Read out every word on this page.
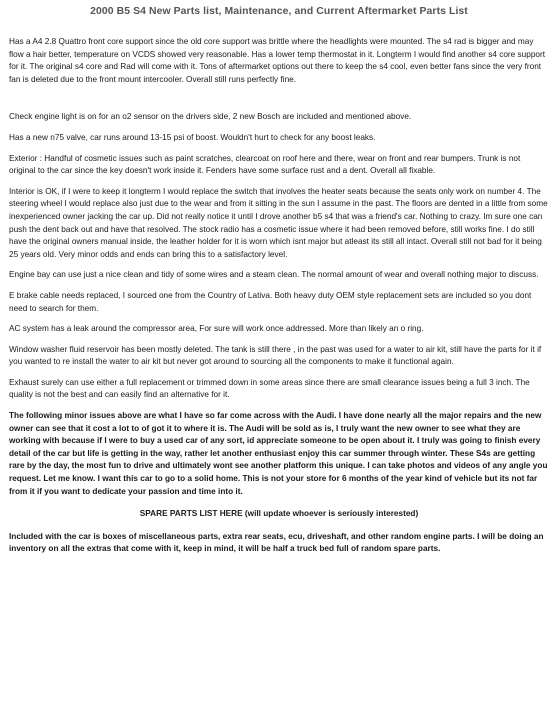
2000 B5 S4 New Parts list, Maintenance, and Current Aftermarket Parts List

Has a A4 2.8 Quattro front core support since the old core support was brittle where the headlights were mounted. The s4 rad is bigger and may flow a hair better, temperature on VCDS showed very reasonable. Has a lower temp thermostat in it. Longterm I would find another s4 core support for it. The original s4 core and Rad will come with it. Tons of aftermarket options out there to keep the s4 cool, even better fans since the very front fan is deleted due to the front mount intercooler. Overall still runs perfectly fine.

Check engine light is on for an o2 sensor on the drivers side, 2 new Bosch are included and mentioned above.

Has a new n75 valve, car runs around 13-15 psi of boost. Wouldn't hurt to check for any boost leaks.

Exterior : Handful of cosmetic issues such as paint scratches, clearcoat on roof here and there, wear on front and rear bumpers. Trunk is not original to the car since the key doesn't work inside it. Fenders have some surface rust and a dent. Overall all fixable.

Interior is OK, if I were to keep it longterm I would replace the switch that involves the heater seats because the seats only work on number 4. The steering wheel I would replace also just due to the wear and from it sitting in the sun I assume in the past. The floors are dented in a little from some inexperienced owner jacking the car up. Did not really notice it until I drove another b5 s4 that was a friend's car. Nothing to crazy. Im sure one can push the dent back out and have that resolved. The stock radio has a cosmetic issue where it had been removed before, still works fine. I do still have the original owners manual inside, the leather holder for it is worn which isnt major but atleast its still all intact. Overall still not bad for it being 25 years old. Very minor odds and ends can bring this to a satisfactory level.

Engine bay can use just a nice clean and tidy of some wires and a steam clean. The normal amount of wear and overall nothing major to discuss.

E brake cable needs replaced, I sourced one from the Country of Lativa. Both heavy duty OEM style replacement sets are included so you dont need to search for them.

AC system has a leak around the compressor area, For sure will work once addressed. More than likely an o ring.

Window washer fluid reservoir has been mostly deleted. The tank is still there , in the past was used for a water to air kit, still have the parts for it if you wanted to re install the water to air kit but never got around to sourcing all the components to make it functional again.

Exhaust surely can use either a full replacement or trimmed down in some areas since there are small clearance issues being a full 3 inch. The quality is not the best and can easily find an alternative for it.

The following minor issues above are what I have so far come across with the Audi. I have done nearly all the major repairs and the new owner can see that it cost a lot to of got it to where it is. The Audi will be sold as is, I truly want the new owner to see what they are working with because if I were to buy a used car of any sort, id appreciate someone to be open about it. I truly was going to finish every detail of the car but life is getting in the way, rather let another enthusiast enjoy this car summer through winter. These S4s are getting rare by the day, the most fun to drive and ultimately wont see another platform this unique. I can take photos and videos of any angle you request. Let me know. I want this car to go to a solid home. This is not your store for 6 months of the year kind of vehicle but its not far from it if you want to dedicate your passion and time into it.

SPARE PARTS LIST HERE (will update whoever is seriously interested)

Included with the car is boxes of miscellaneous parts, extra rear seats, ecu, driveshaft, and other random engine parts. I will be doing an inventory on all the extras that come with it, keep in mind, it will be half a truck bed full of random spare parts.
